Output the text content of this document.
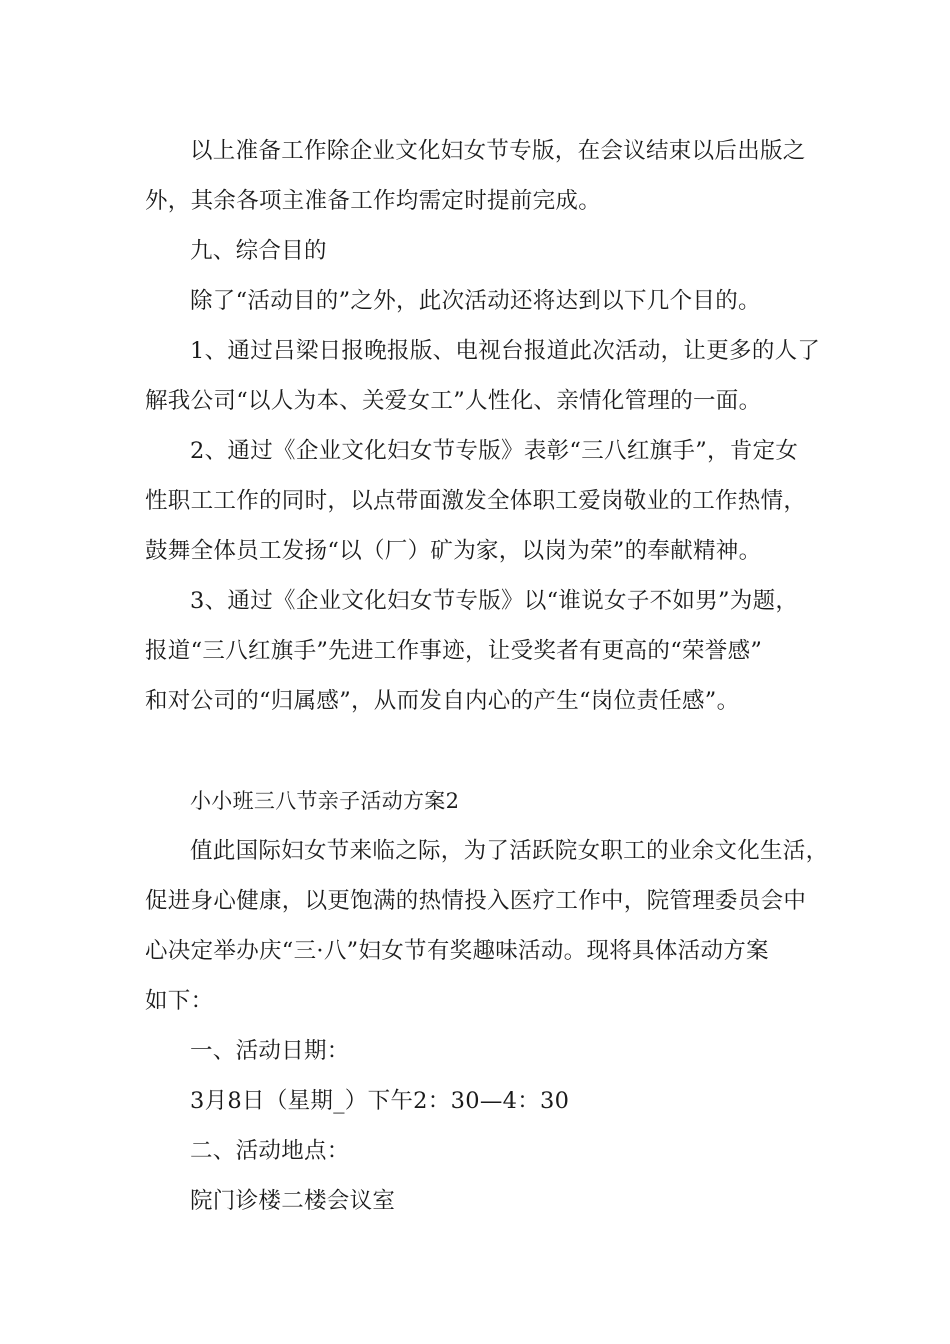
以上准备工作除企业文化妇女节专版，在会议结束以后出版之
外，其余各项主准备工作均需定时提前完成。
九、综合目的
除了“活动目的”之外，此次活动还将达到以下几个目的。
1、通过吕梁日报晚报版、电视台报道此次活动，让更多的人了
解我公司“以人为本、关爱女工”人性化、亲情化管理的一面。
2、通过《企业文化妇女节专版》表彰“三八红旗手”，肯定女
性职工工作的同时，以点带面激发全体职工爱岗敬业的工作热情，
鼓舞全体员工发扬“以（厂）矿为家，以岗为荣”的奉献精神。
3、通过《企业文化妇女节专版》以“谁说女子不如男”为题，
报道“三八红旗手”先进工作事迹，让受奖者有更高的“荣誉感”
和对公司的“归属感”，从而发自内心的产生“岗位责任感”。
小小班三八节亲子活动方案2
值此国际妇女节来临之际，为了活跃院女职工的业余文化生活，
促进身心健康，以更饱满的热情投入医疗工作中，院管理委员会中
心决定举办庆“三·八”妇女节有奖趣味活动。现将具体活动方案
如下：
一、活动日期：
3月8日（星期_）下午2：30—4：30
二、活动地点：
院门诊楼二楼会议室
